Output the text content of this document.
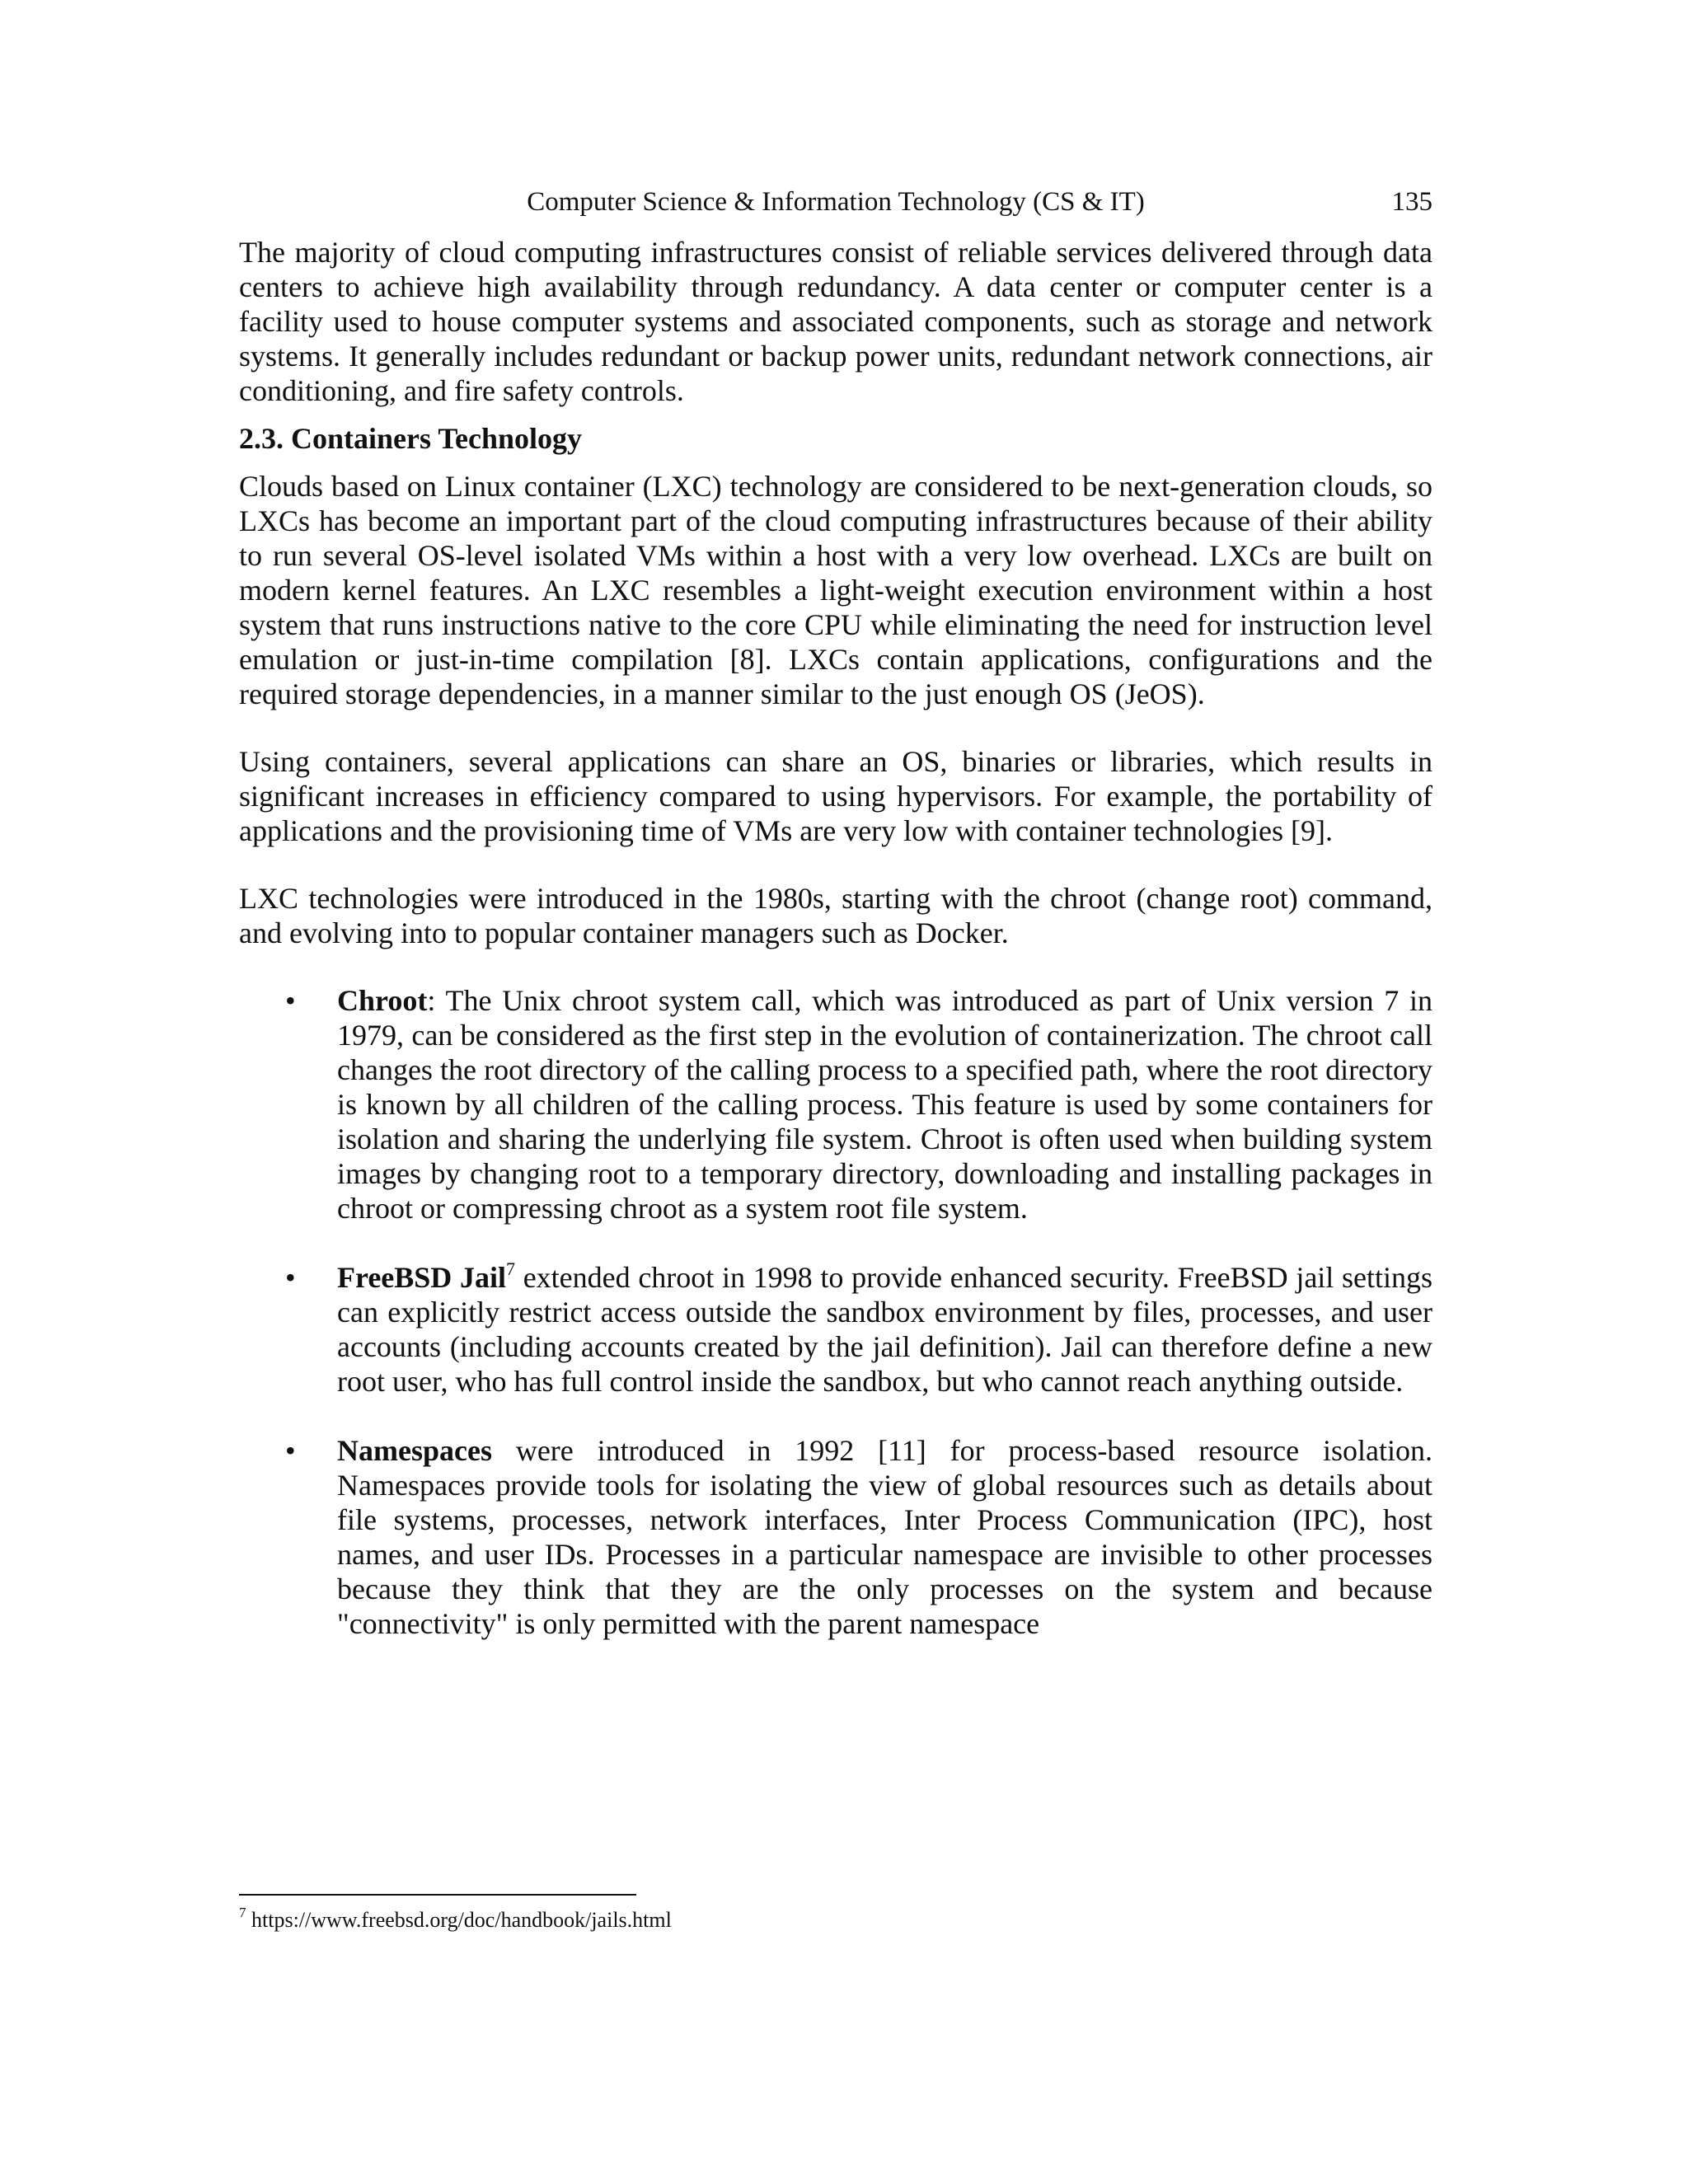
Computer Science & Information Technology (CS & IT)	135

The majority of cloud computing infrastructures consist of reliable services delivered through data centers to achieve high availability through redundancy. A data center or computer center is a facility used to house computer systems and associated components, such as storage and network systems. It generally includes redundant or backup power units, redundant network connections, air conditioning, and fire safety controls.

2.3. Containers Technology

Clouds based on Linux container (LXC) technology are considered to be next-generation clouds, so LXCs has become an important part of the cloud computing infrastructures because of their ability to run several OS-level isolated VMs within a host with a very low overhead. LXCs are built on modern kernel features. An LXC resembles a light-weight execution environment within a host system that runs instructions native to the core CPU while eliminating the need for instruction level emulation or just-in-time compilation [8]. LXCs contain applications, configurations and the required storage dependencies, in a manner similar to the just enough OS (JeOS).

Using containers, several applications can share an OS, binaries or libraries, which results in significant increases in efficiency compared to using hypervisors. For example, the portability of applications and the provisioning time of VMs are very low with container technologies [9].

LXC technologies were introduced in the 1980s, starting with the chroot (change root) command, and evolving into to popular container managers such as Docker.

• Chroot: The Unix chroot system call, which was introduced as part of Unix version 7 in 1979, can be considered as the first step in the evolution of containerization. The chroot call changes the root directory of the calling process to a specified path, where the root directory is known by all children of the calling process. This feature is used by some containers for isolation and sharing the underlying file system. Chroot is often used when building system images by changing root to a temporary directory, downloading and installing packages in chroot or compressing chroot as a system root file system.
• FreeBSD Jail$^7$ extended chroot in 1998 to provide enhanced security. FreeBSD jail settings can explicitly restrict access outside the sandbox environment by files, processes, and user accounts (including accounts created by the jail definition). Jail can therefore define a new root user, who has full control inside the sandbox, but who cannot reach anything outside.
• Namespaces were introduced in 1992 [11] for process-based resource isolation. Namespaces provide tools for isolating the view of global resources such as details about file systems, processes, network interfaces, Inter Process Communication (IPC), host names, and user IDs. Processes in a particular namespace are invisible to other processes because they think that they are the only processes on the system and because "connectivity" is only permitted with the parent namespace
$^7$ https://www.freebsd.org/doc/handbook/jails.html
